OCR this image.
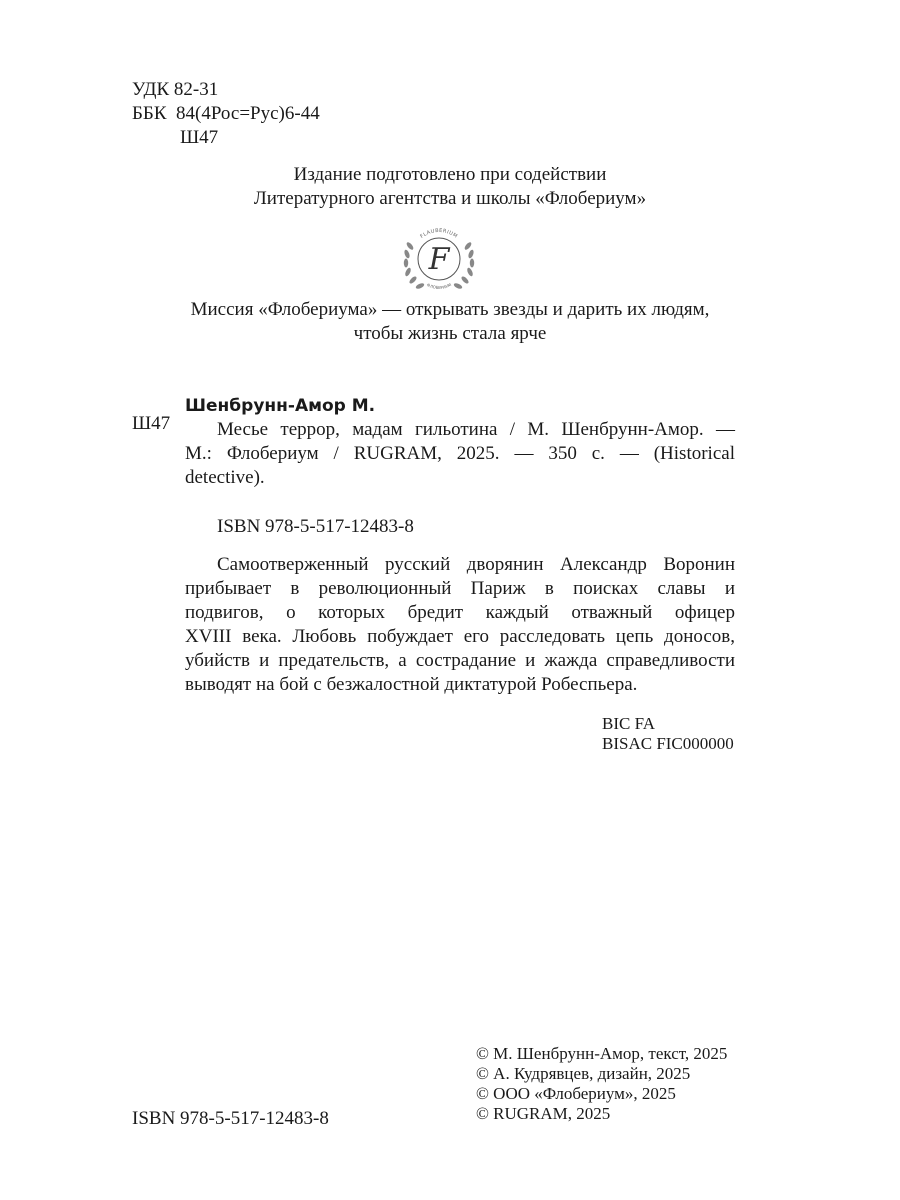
УДК 82-31
ББК  84(4Рос=Рус)6-44
Ш47
Издание подготовлено при содействии
Литературного агентства и школы «Флобериум»
FLAUBERIUM
ФЛОБЕРИУМ
F
Миссия «Флобериума» — открывать звезды и дарить их людям,
чтобы жизнь стала ярче
Ш47
Шенбрунн-Амор М.
Месье террор, мадам гильотина / М. Шенбрунн-Амор. —
М.: Флобериум / RUGRAM, 2025. — 350 с. — (Historical
detective).
ISBN 978-5-517-12483-8
Самоотверженный русский дворянин Александр Воронин
прибывает в революционный Париж в поисках славы и
подвигов, о которых бредит каждый отважный офицер
XVIII века. Любовь побуждает его расследовать цепь доносов,
убийств и предательств, а сострадание и жажда справедливости
выводят на бой с безжалостной диктатурой Робеспьера.
BIC FA
BISAC FIC000000
© М. Шенбрунн-Амор, текст, 2025
© А. Кудрявцев, дизайн, 2025
© ООО «Флобериум», 2025
© RUGRAM, 2025
ISBN 978-5-517-12483-8
